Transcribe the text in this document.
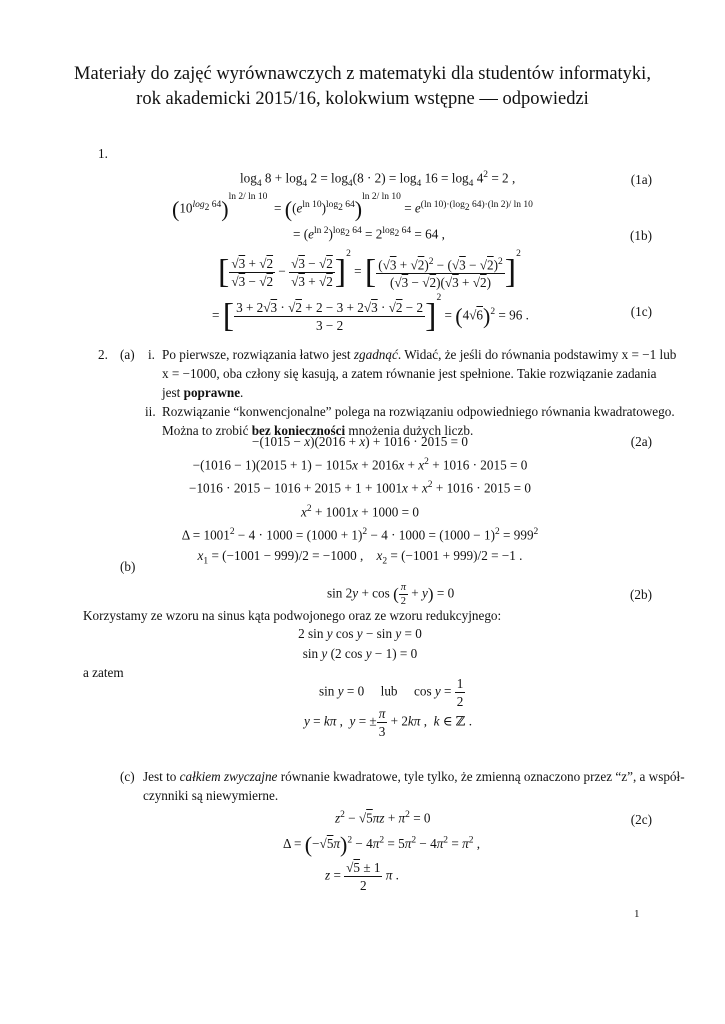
Materiały do zajęć wyrównawczych z matematyki dla studentów informatyki,
rok akademicki 2015/16, kolokwium wstępne — odpowiedzi
1.
$\log_4 8 + \log_4 2 = \log_4(8 \cdot 2) = \log_4 16 = \log_4 4^2 = 2$ ,	(1a)
$(10^{log_2 64})^{ln 2/ ln 10} = ((e^{ln 10})^{log_2 64})^{ln 2/ ln 10} = e^{(ln 10)\cdot(log_2 64)\cdot(ln 2)/ ln 10}$
= $(e^{ln 2})^{log_2 64} = 2^{log_2 64} = 64$ ,	(1b)
[ $\frac{√3 + √2}{√3 - √2} - \frac{√3 - √2}{√3 + √2} ]^2$ = [ $\frac{(√3 + √2)^2 - (√3 - √2)^2}{(√3 - √2)(√3 + √2)} ]^2$
= [ $\frac{3 + 2√3 \cdot √2 + 2 - 3 + 2√3 \cdot √2 - 2}{3 - 2} ]^2 = (4√6)^2 = 96$ .	(1c)
2. (a) i. Po pierwsze, rozwiązania łatwo jest zgadnąć. Widać, że jeśli do równania podstawimy x = −1 lub
x = −1000, oba człony się kasują, a zatem równanie jest spełnione. Takie rozwiązanie zadania
jest poprawne.
ii. Rozwiązanie “konwencjonalne” polega na rozwiązaniu odpowiedniego równania kwadratowego.
Można to zrobić bez konieczności mnożenia dużych liczb.
−(1015 − x)(2016 + x) + 1016 · 2015 = 0
$-(1016 - 1)(2015 + 1) - 1015x + 2016x + x^2 + 1016 \cdot 2015 = 0$
$-1016 \cdot 2015 - 1016 + 2015 + 1 + 1001x + x^2 + 1016 \cdot 2015 = 0$
$x^2 + 1001x + 1000 = 0$
$\Delta = 1001^2 - 4 \cdot 1000 = (1000 + 1)^2 - 4 \cdot 1000 = (1000 - 1)^2 = 999^2$
$x_1 = (-1001 - 999)/2 = -1000$ ,    $x_2 = (-1001 + 999)/2 = -1$ .
(2a)
(b)
sin 2y + cos ( $\frac{\pi}{2} + y) = 0$	(2b)
Korzystamy ze wzoru na sinus kąta podwojonego oraz ze wzoru redukcyjnego:
2 sin y cos y − sin y = 0
sin y (2 cos y − 1) = 0
a zatem
sin y = 0     lub     $\cos y = \frac{1}{2}$
y = kπ ,  y = ± $\frac{\pi}{3} + 2k\pi$ ,  k ∈ ℤ .
(c) Jest to całkiem zwyczajne równanie kwadratowe, tyle tylko, że zmienną oznaczono przez “z”, a współ-
czynniki są niewymierne.
$z^2 - √5\pi z + \pi^2 = 0$	(2c)
$\Delta = (-√5\pi)^2 - 4\pi^2 = 5\pi^2 - 4\pi^2 = \pi^2$ ,
$z = \frac{√5 \pm 1}{2}$ π .
1
